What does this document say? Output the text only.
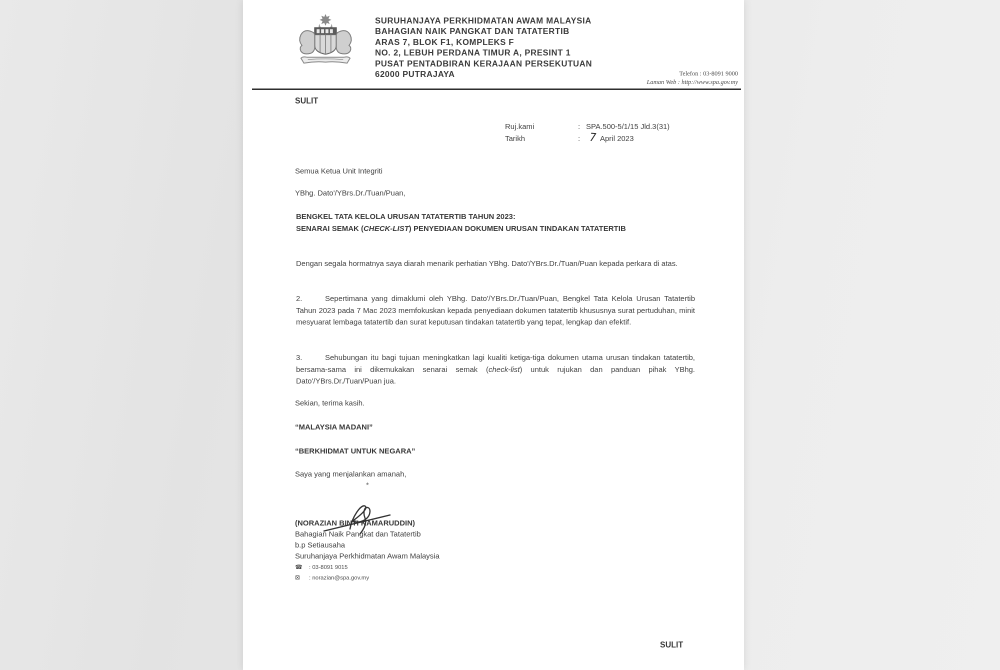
SURUHANJAYA PERKHIDMATAN AWAM MALAYSIA
BAHAGIAN NAIK PANGKAT DAN TATATERTIB
ARAS 7, BLOK F1, KOMPLEKS F
NO. 2, LEBUH PERDANA TIMUR A, PRESINT 1
PUSAT PENTADBIRAN KERAJAAN PERSEKUTUAN
62000 PUTRAJAYA	Telefon : 03-8091 9000
Laman Web : http://www.spa.gov.my
SULIT
Ruj.kami	: SPA.500-5/1/15 Jld.3(31)
Tarikh	: 7 April 2023
Semua Ketua Unit Integriti
YBhg. Dato'/YBrs.Dr./Tuan/Puan,

BENGKEL TATA KELOLA URUSAN TATATERTIB TAHUN 2023:
SENARAI SEMAK (CHECK-LIST) PENYEDIAAN DOKUMEN URUSAN TINDAKAN TATATERTIB

Dengan segala hormatnya saya diarah menarik perhatian YBhg. Dato'/YBrs.Dr./Tuan/Puan kepada perkara di atas.

2. Sepertimana yang dimaklumi oleh YBhg. Dato'/YBrs.Dr./Tuan/Puan, Bengkel Tata Kelola Urusan Tatatertib Tahun 2023 pada 7 Mac 2023 memfokuskan kepada penyediaan dokumen tatatertib khususnya surat pertuduhan, minit mesyuarat lembaga tatatertib dan surat keputusan tindakan tatatertib yang tepat, lengkap dan efektif.

3. Sehubungan itu bagi tujuan meningkatkan lagi kualiti ketiga-tiga dokumen utama urusan tindakan tatatertib, bersama-sama ini dikemukakan senarai semak (check-list) untuk rujukan dan panduan pihak YBhg. Dato'/YBrs.Dr./Tuan/Puan jua.

Sekian, terima kasih.
“MALAYSIA MADANI”
“BERKHIDMAT UNTUK NEGARA”
Saya yang menjalankan amanah,
*
(NORAZIAN BINTI KAMARUDDIN)
Bahagian Naik Pangkat dan Tatatertib
b.p Setiausaha
Suruhanjaya Perkhidmatan Awam Malaysia
☎ : 03-8091 9015
⊠ : norazian@spa.gov.my
SULIT
